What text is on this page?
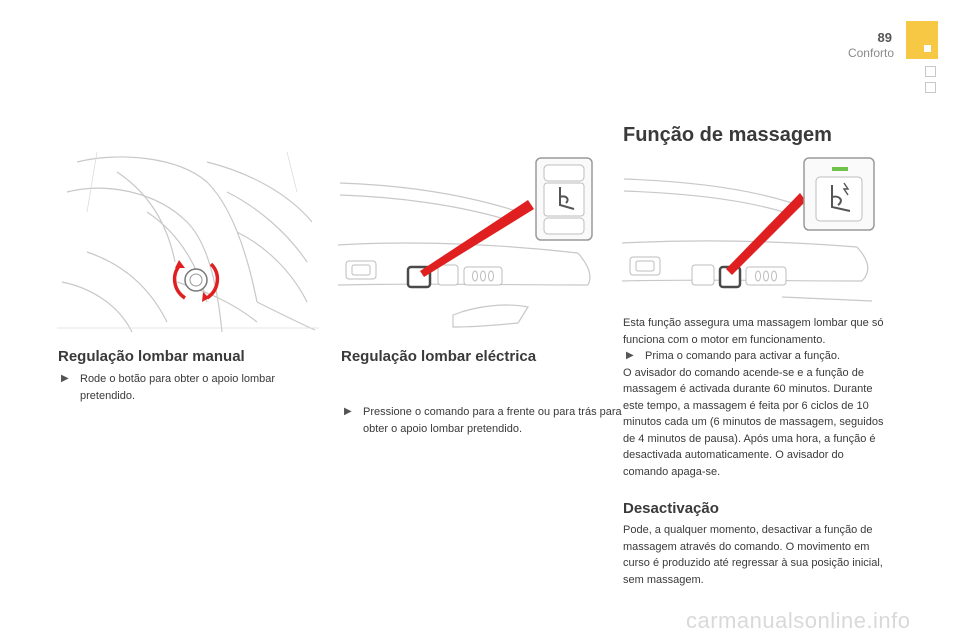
89
Conforto
Regulação lombar manual
▶ Rode o botão para obter o apoio lombar pretendido.
Regulação lombar eléctrica
▶ Pressione o comando para a frente ou para trás para obter o apoio lombar pretendido.
Função de massagem
Esta função assegura uma massagem lombar que só funciona com o motor em funcionamento.
▶ Prima o comando para activar a função.
O avisador do comando acende-se e a função de massagem é activada durante 60 minutos. Durante este tempo, a massagem é feita por 6 ciclos de 10 minutos cada um (6 minutos de massagem, seguidos de 4 minutos de pausa). Após uma hora, a função é desactivada automaticamente. O avisador do comando apaga-se.
Desactivação
Pode, a qualquer momento, desactivar a função de massagem através do comando. O movimento em curso é produzido até regressar à sua posição inicial, sem massagem.
carmanualsonline.info
